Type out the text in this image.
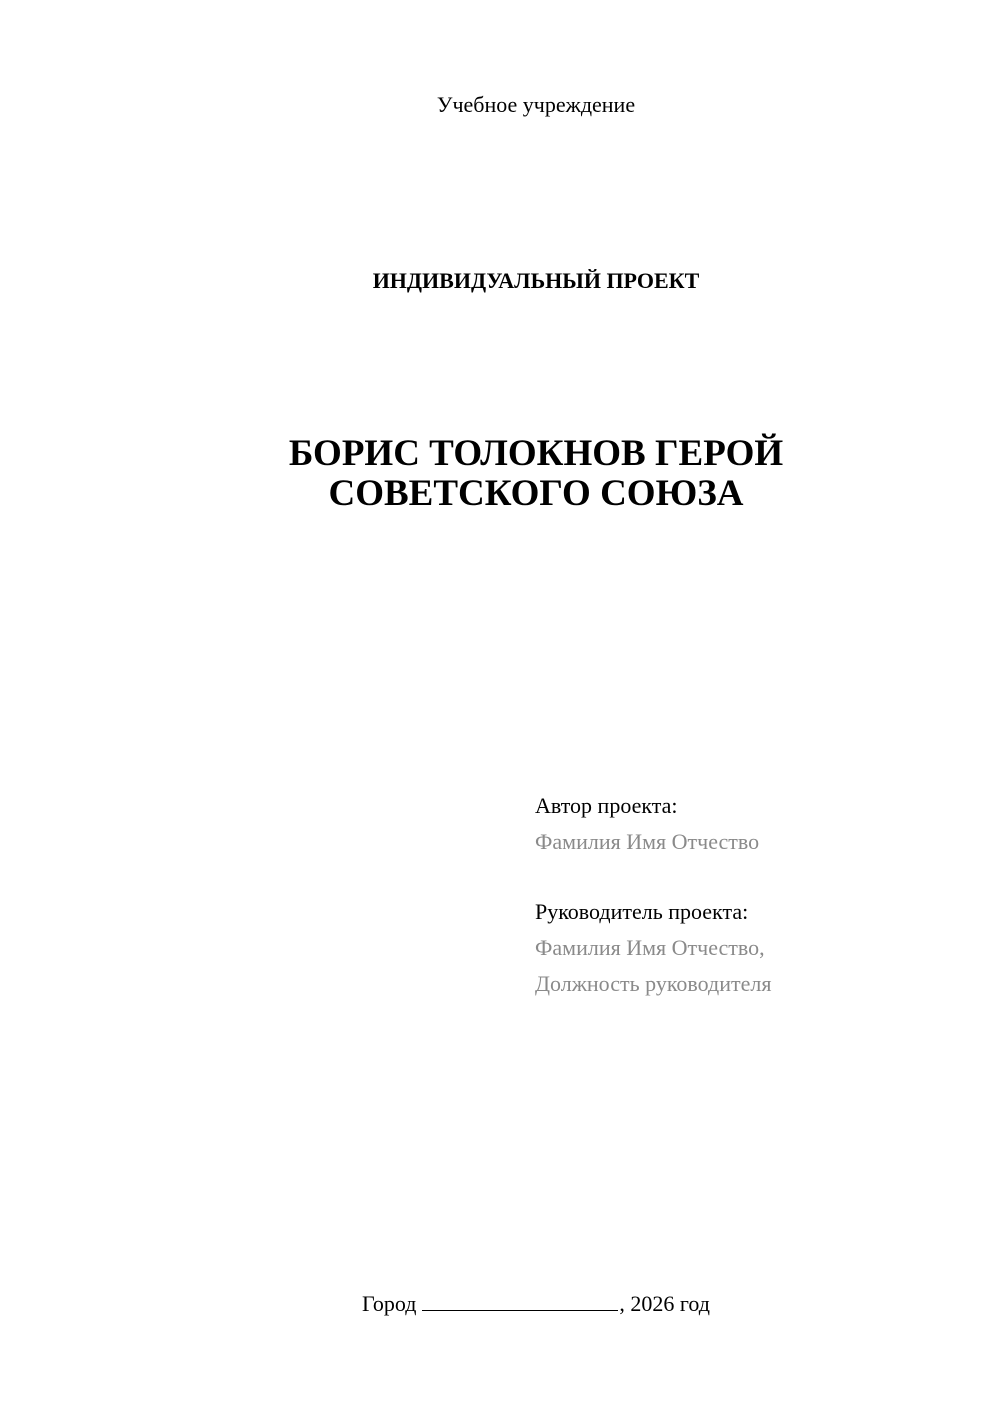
Учебное учреждение
ИНДИВИДУАЛЬНЫЙ ПРОЕКТ
БОРИС ТОЛОКНОВ ГЕРОЙ
СОВЕТСКОГО СОЮЗА
Автор проекта:
Фамилия Имя Отчество
Руководитель проекта:
Фамилия Имя Отчество,
Должность руководителя
Город	, 2026 год
